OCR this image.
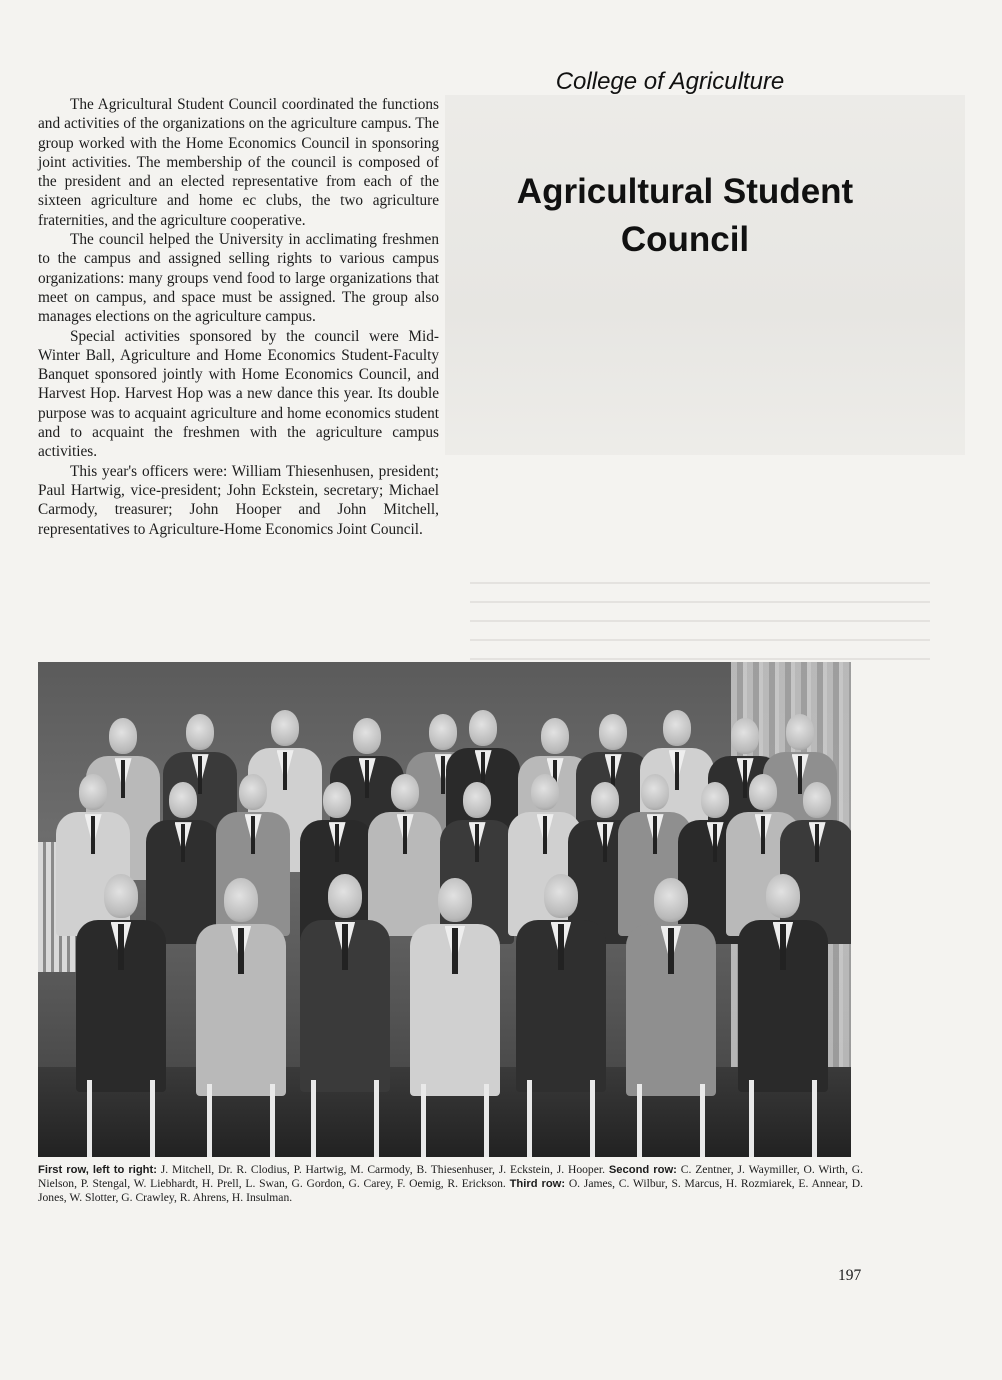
The Agricultural Student Council coordinated the functions and activities of the organizations on the agriculture campus. The group worked with the Home Economics Council in sponsoring joint activities. The membership of the council is composed of the president and an elected representative from each of the sixteen agriculture and home ec clubs, the two agriculture fraternities, and the agriculture cooperative.

The council helped the University in acclimating freshmen to the campus and assigned selling rights to various campus organizations: many groups vend food to large organizations that meet on campus, and space must be assigned. The group also manages elections on the agriculture campus.

Special activities sponsored by the council were Mid-Winter Ball, Agriculture and Home Economics Student-Faculty Banquet sponsored jointly with Home Economics Council, and Harvest Hop. Harvest Hop was a new dance this year. Its double purpose was to acquaint agriculture and home economics student and to acquaint the freshmen with the agriculture campus activities.

This year's officers were: William Thiesenhusen, president; Paul Hartwig, vice-president; John Eckstein, secretary; Michael Carmody, treasurer; John Hooper and John Mitchell, representatives to Agriculture-Home Economics Joint Council.

College of Agriculture
Agricultural Student
Council
First row, left to right: J. Mitchell, Dr. R. Clodius, P. Hartwig, M. Carmody, B. Thiesenhuser, J. Eckstein, J. Hooper. Second row: C. Zentner, J. Waymiller, O. Wirth, G. Nielson, P. Stengal, W. Liebhardt, H. Prell, L. Swan, G. Gordon, G. Carey, F. Oemig, R. Erickson. Third row: O. James, C. Wilbur, S. Marcus, H. Rozmiarek, E. Annear, D. Jones, W. Slotter, G. Crawley, R. Ahrens, H. Insulman.
197
